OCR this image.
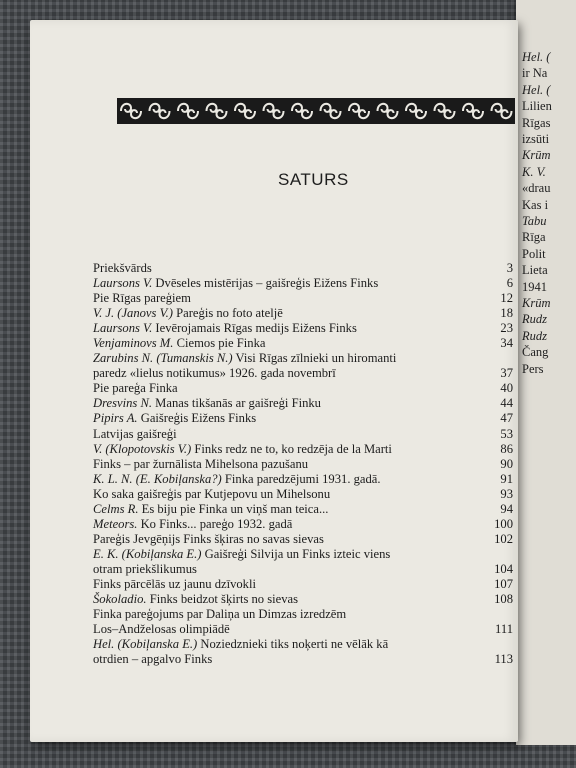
Hel. (
ir Na
Hel. (
Lilien
Rīgas
izsūti
Krūm
K. V.
«drau
Kas i
Tabu
Rīga
Polit
Lieta
1941
Krūm
Rudz
Rudz
Čang
Pers
SATURS
Priekšvārds	3
Laursons V. Dvēseles mistērijas – gaišreģis Eižens Finks	6
Pie Rīgas pareģiem	12
V. J. (Janovs V.) Pareģis no foto ateljē	18
Laursons V. Ievērojamais Rīgas medijs Eižens Finks	23
Venjaminovs M. Ciemos pie Finka	34
Zarubins N. (Tumanskis N.) Visi Rīgas zīlnieki un hiromanti
paredz «lielus notikumus» 1926. gada novembrī	37
Pie pareģa Finka	40
Dresvins N. Manas tikšanās ar gaišreģi Finku	44
Pipirs A. Gaišreģis Eižens Finks	47
Latvijas gaišreģi	53
V. (Klopotovskis V.) Finks redz ne to, ko redzēja de la Marti	86
Finks – par žurnālista Mihelsona pazušanu	90
K. L. N. (E. Kobiļanska?) Finka paredzējumi 1931. gadā.	91
Ko saka gaišreģis par Kutjepovu un Mihelsonu	93
Celms R. Es biju pie Finka un viņš man teica...	94
Meteors. Ko Finks... pareģo 1932. gadā	100
Pareģis Jevgēņijs Finks šķiras no savas sievas	102
E. K. (Kobiļanska E.) Gaišreģi Silvija un Finks izteic viens
otram priekšlikumus	104
Finks pārcēlās uz jaunu dzīvokli	107
Šokoladio. Finks beidzot šķirts no sievas	108
Finka pareģojums par Daliņa un Dimzas izredzēm
Los–Andželosas olimpiādē	111
Hel. (Kobiļanska E.) Noziedznieki tiks noķerti ne vēlāk kā
otrdien – apgalvo Finks	113
